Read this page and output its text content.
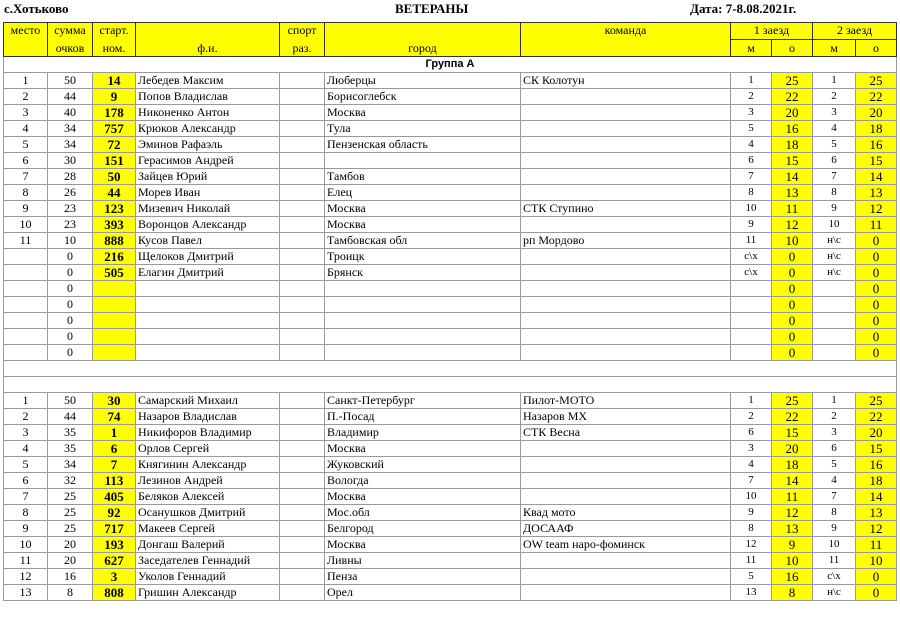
с.Хотьково	ВЕТЕРАНЫ	Дата: 7-8.08.2021г.
место	сумма	старт.		спорт		команда	1 заезд		2 заезд	
	очков	ном.	ф.и.	раз.	город		м	о	м	о
Группа А										
1	50	14	Лебедев Максим		Люберцы	СК Колотун	1	25	1	25
2	44	9	Попов Владислав		Борисоглебск		2	22	2	22
3	40	178	Никоненко Антон		Москва		3	20	3	20
4	34	757	Крюков Александр		Тула		5	16	4	18
5	34	72	Эминов Рафаэль		Пензенская область		4	18	5	16
6	30	151	Герасимов Андрей				6	15	6	15
7	28	50	Зайцев Юрий		Тамбов		7	14	7	14
8	26	44	Морев Иван		Елец		8	13	8	13
9	23	123	Мизевич Николай		Москва	СТК Ступино	10	11	9	12
10	23	393	Воронцов Александр		Москва		9	12	10	11
11	10	888	Кусов Павел		Тамбовская обл	рп Мордово	11	10	н\с	0
	0	216	Щелоков Дмитрий		Троицк		с\х	0	н\с	0
	0	505	Елагин Дмитрий		Брянск		с\х	0	н\с	0
	0							0		0
	0							0		0
	0							0		0
	0							0		0
	0							0		0

1	50	30	Самарский Михаил		Санкт-Петербург	Пилот-МОТО	1	25	1	25
2	44	74	Назаров Владислав		П.-Посад	Назаров МХ	2	22	2	22
3	35	1	Никифоров Владимир		Владимир	СТК Весна	6	15	3	20
4	35	6	Орлов Сергей		Москва		3	20	6	15
5	34	7	Княгинин Александр		Жуковский		4	18	5	16
6	32	113	Лезинов Андрей		Вологда		7	14	4	18
7	25	405	Беляков Алексей		Москва		10	11	7	14
8	25	92	Осанушков Дмитрий		Мос.обл	Квад мото	9	12	8	13
9	25	717	Макеев Сергей		Белгород	ДОСААФ	8	13	9	12
10	20	193	Донгаш Валерий		Москва	OW team наро-фоминск	12	9	10	11
11	20	627	Заседателев Геннадий		Ливны		11	10	11	10
12	16	3	Уколов Геннадий		Пенза		5	16	с\х	0
13	8	808	Гришин Александр		Орел		13	8	н\с	0
